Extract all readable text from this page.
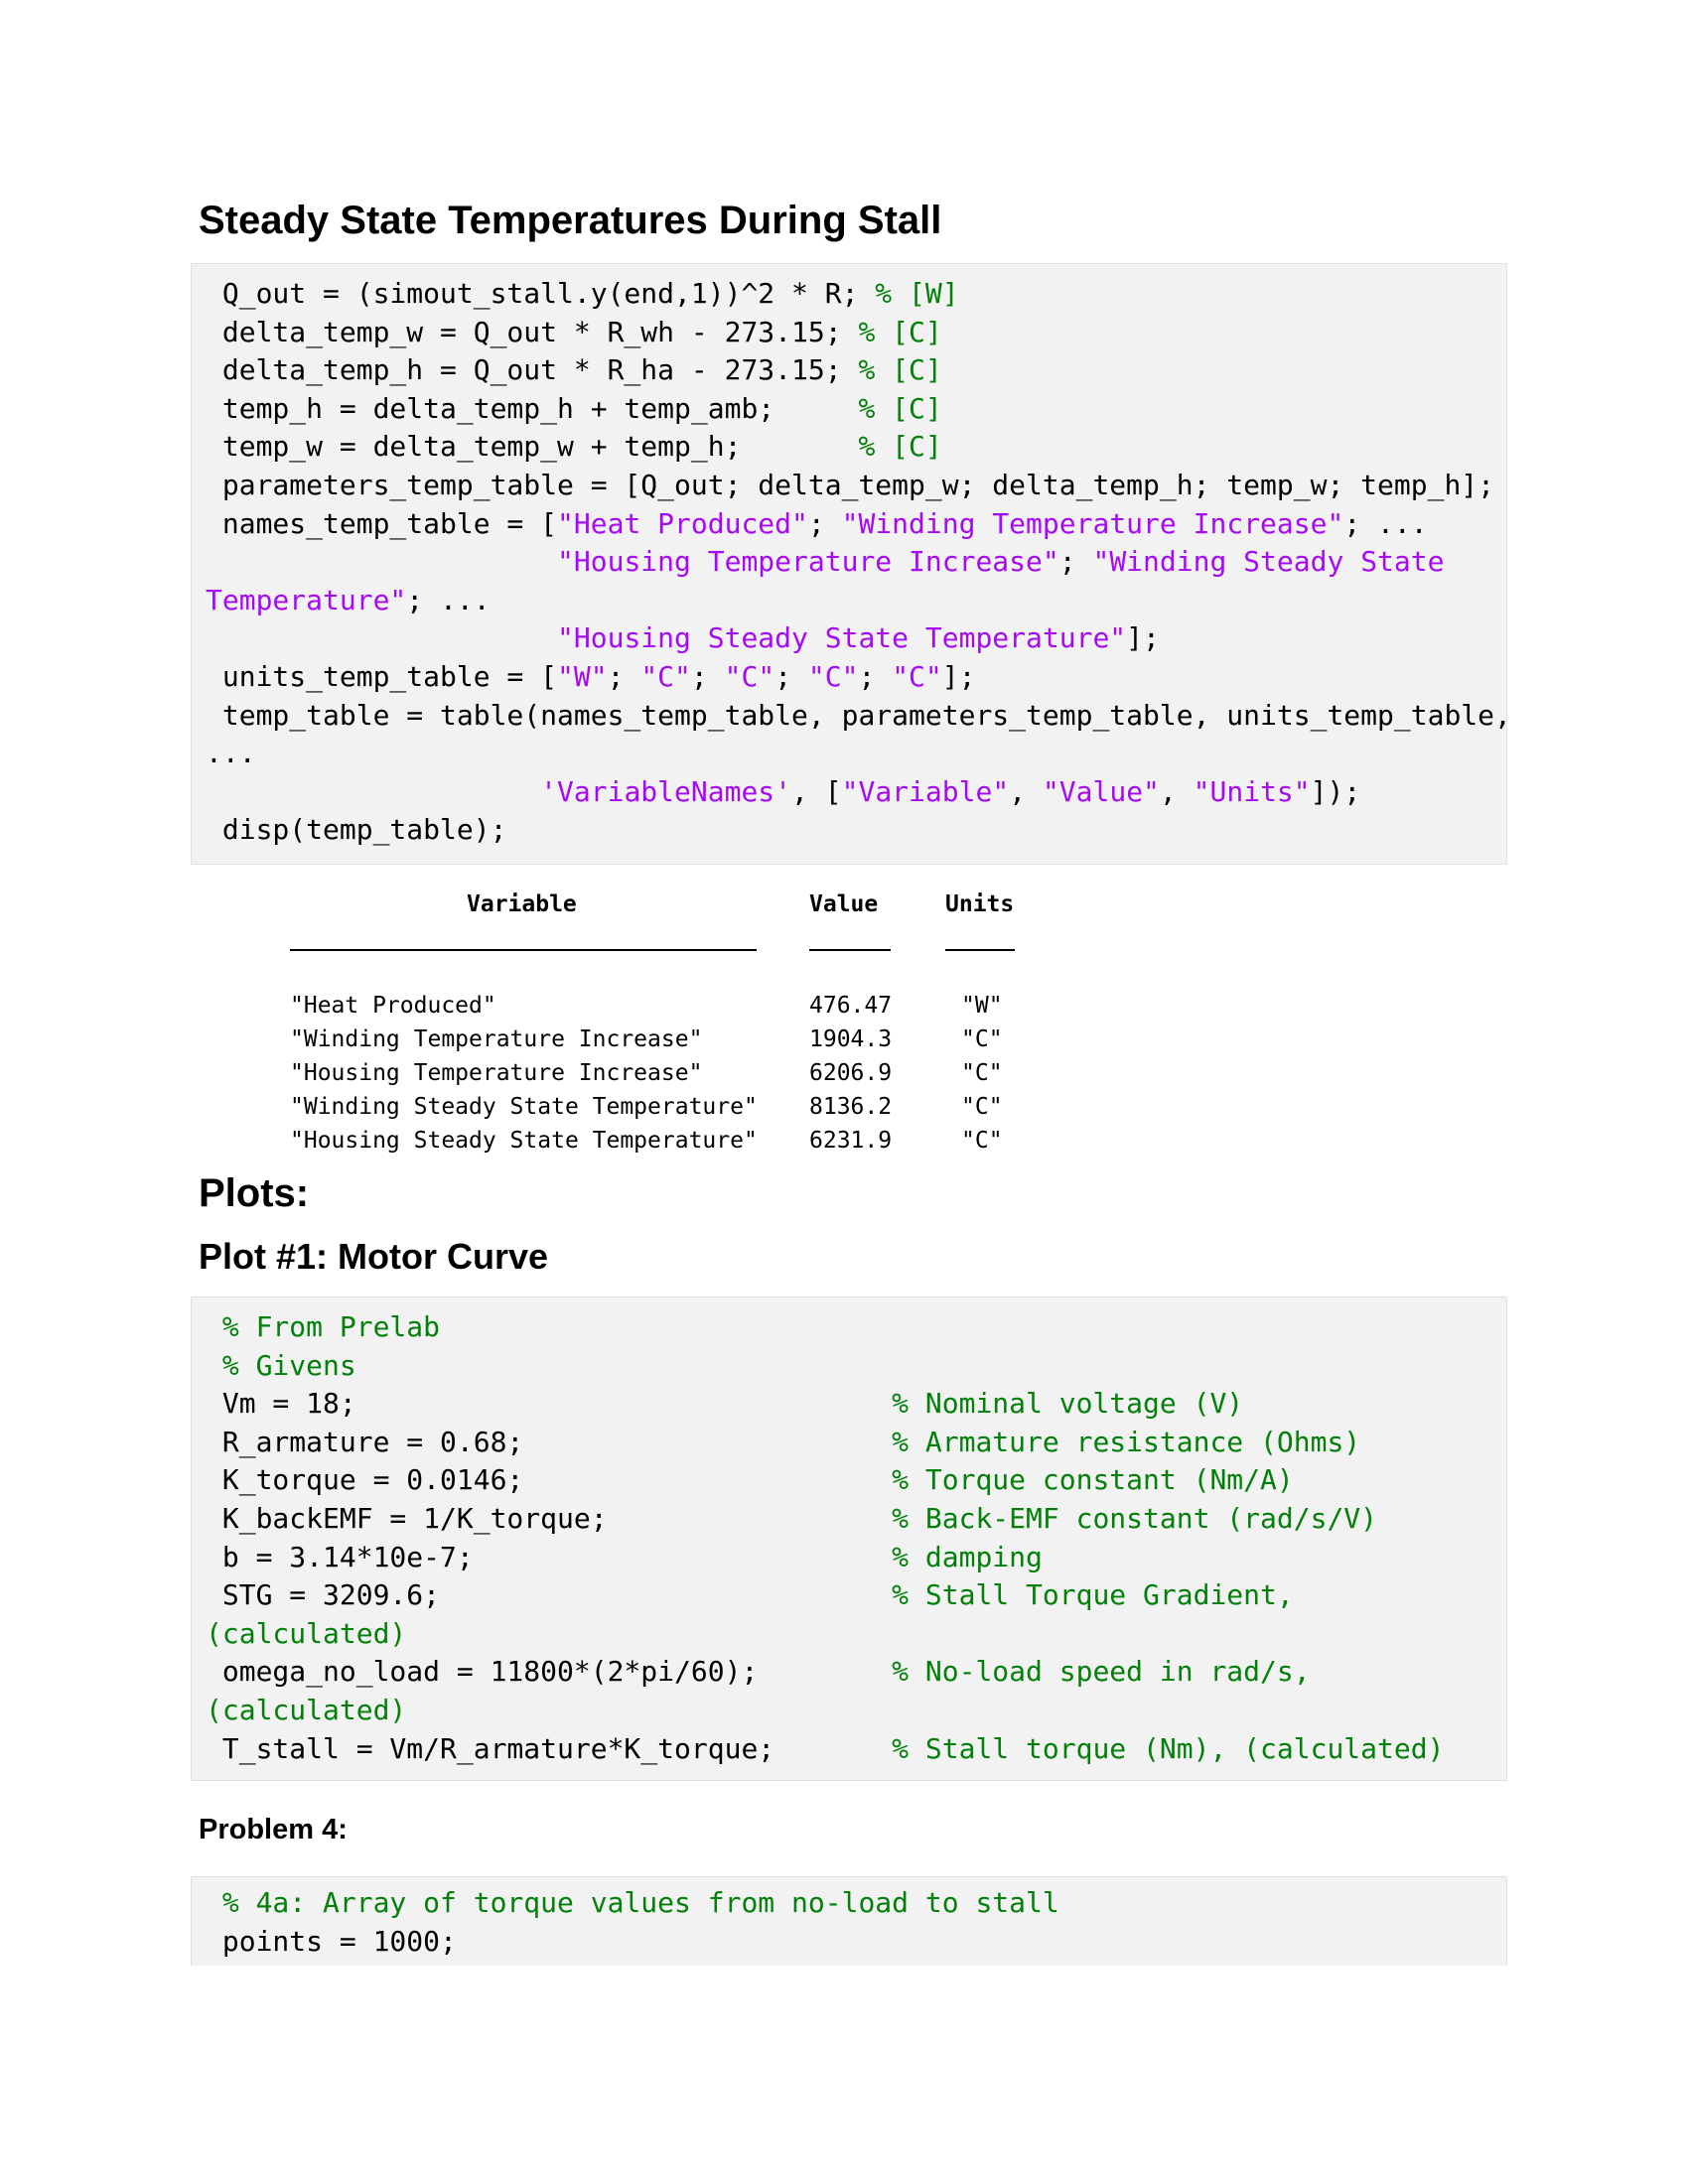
Steady State Temperatures During Stall
Q_out = (simout_stall.y(end,1))^2 * R; % [W]
delta_temp_w = Q_out * R_wh - 273.15; % [C]
delta_temp_h = Q_out * R_ha - 273.15; % [C]
temp_h = delta_temp_h + temp_amb;     % [C]
temp_w = delta_temp_w + temp_h;       % [C]
parameters_temp_table = [Q_out; delta_temp_w; delta_temp_h; temp_w; temp_h];
names_temp_table = ["Heat Produced"; "Winding Temperature Increase"; ...
"Housing Temperature Increase"; "Winding Steady State
Temperature"; ...
"Housing Steady State Temperature"];
units_temp_table = ["W"; "C"; "C"; "C"; "C"];
temp_table = table(names_temp_table, parameters_temp_table, units_temp_table,
...
'VariableNames', ["Variable", "Value", "Units"]);
disp(temp_table);
Variable	Value	Units
"Heat Produced"	476.47	"W"
"Winding Temperature Increase"	1904.3	"C"
"Housing Temperature Increase"	6206.9	"C"
"Winding Steady State Temperature" 8136.2	"C"
"Housing Steady State Temperature" 6231.9	"C"
Plots:
Plot #1: Motor Curve
% From Prelab
% Givens
Vm = 18;                                % Nominal voltage (V)
R_armature = 0.68;                      % Armature resistance (Ohms)
K_torque = 0.0146;                      % Torque constant (Nm/A)
K_backEMF = 1/K_torque;                 % Back-EMF constant (rad/s/V)
b = 3.14*10e-7;                         % damping
STG = 3209.6;                           % Stall Torque Gradient,
(calculated)
omega_no_load = 11800*(2*pi/60);        % No-load speed in rad/s,
(calculated)
T_stall = Vm/R_armature*K_torque;       % Stall torque (Nm), (calculated)
Problem 4:
% 4a: Array of torque values from no-load to stall
points = 1000;
